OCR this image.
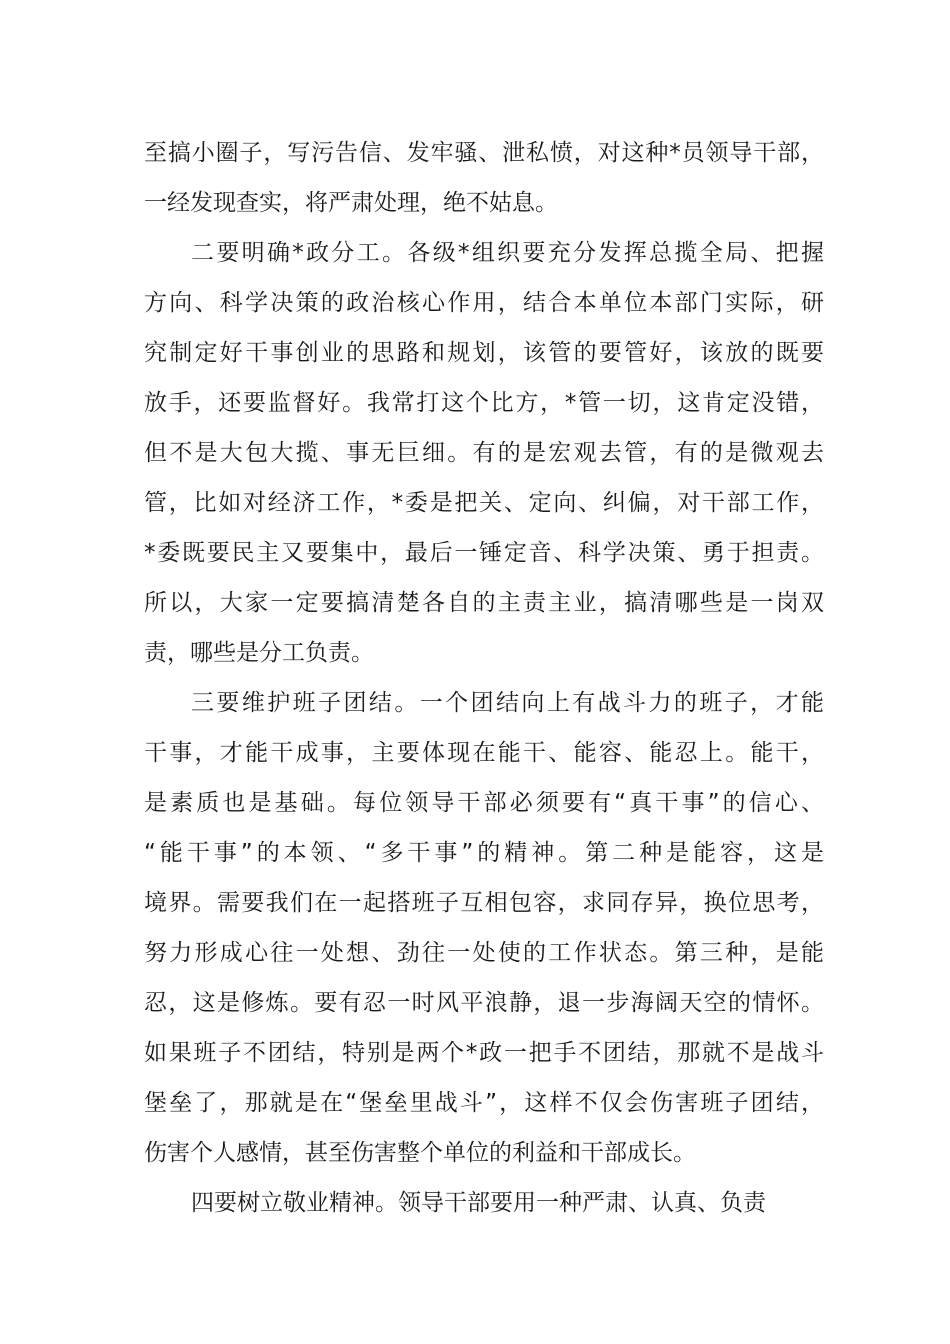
至搞小圈子，写污告信、发牢骚、泄私愤，对这种*员领导干部，
一经发现查实，将严肃处理，绝不姑息。
二要明确*政分工。各级*组织要充分发挥总揽全局、把握
方向、科学决策的政治核心作用，结合本单位本部门实际，研
究制定好干事创业的思路和规划，该管的要管好，该放的既要
放手，还要监督好。我常打这个比方，*管一切，这肯定没错，
但不是大包大揽、事无巨细。有的是宏观去管，有的是微观去
管，比如对经济工作，*委是把关、定向、纠偏，对干部工作，
*委既要民主又要集中，最后一锤定音、科学决策、勇于担责。
所以，大家一定要搞清楚各自的主责主业，搞清哪些是一岗双
责，哪些是分工负责。
三要维护班子团结。一个团结向上有战斗力的班子，才能
干事，才能干成事，主要体现在能干、能容、能忍上。能干，
是素质也是基础。每位领导干部必须要有“真干事”的信心、
“能干事”的本领、“多干事”的精神。第二种是能容，这是
境界。需要我们在一起搭班子互相包容，求同存异，换位思考，
努力形成心往一处想、劲往一处使的工作状态。第三种，是能
忍，这是修炼。要有忍一时风平浪静，退一步海阔天空的情怀。
如果班子不团结，特别是两个*政一把手不团结，那就不是战斗
堡垒了，那就是在“堡垒里战斗”，这样不仅会伤害班子团结，
伤害个人感情，甚至伤害整个单位的利益和干部成长。
四要树立敬业精神。领导干部要用一种严肃、认真、负责
